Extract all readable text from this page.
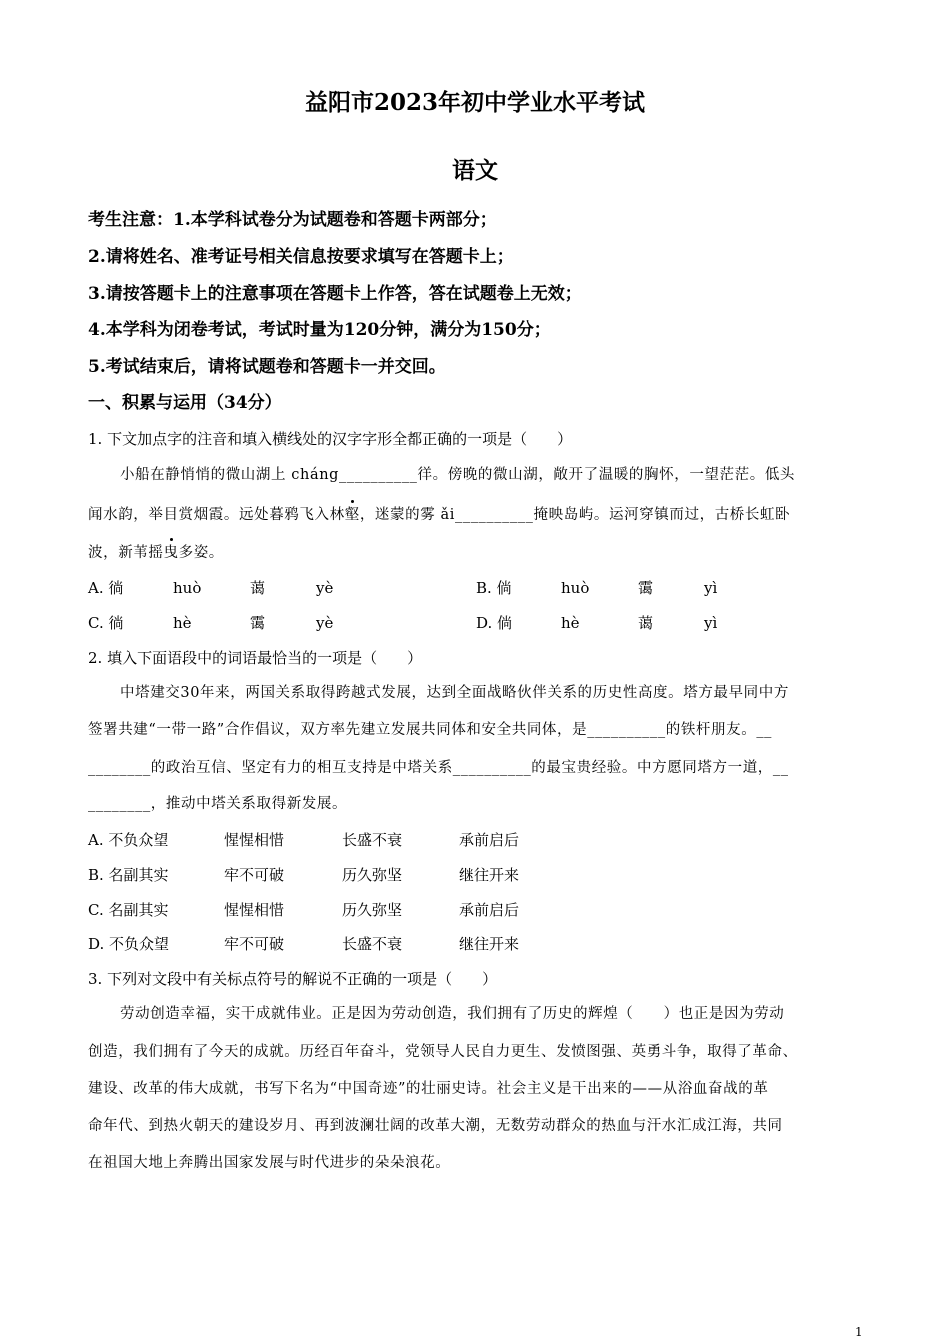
益阳市2023年初中学业水平考试
语文
考生注意：1.本学科试卷分为试题卷和答题卡两部分；
2.请将姓名、准考证号相关信息按要求填写在答题卡上；
3.请按答题卡上的注意事项在答题卡上作答，答在试题卷上无效；
4.本学科为闭卷考试，考试时量为120分钟，满分为150分；
5.考试结束后，请将试题卷和答题卡一并交回。
一、积累与运用（34分）
1. 下文加点字的注音和填入横线处的汉字字形全都正确的一项是（　　）
小船在静悄悄的微山湖上 cháng__________徉。傍晚的微山湖，敞开了温暖的胸怀，一望茫茫。低头
闻水韵，举目赏烟霞。远处暮鸦飞入林壑，迷蒙的雾 ǎi__________掩映岛屿。运河穿镇而过，古桥长虹卧
波，新苇摇曳多姿。
A. 徜	huò	蔼	yè	B. 倘	huò	霭	yì
C. 徜	hè	霭	yè	D. 倘	hè	蔼	yì
2. 填入下面语段中的词语最恰当的一项是（　　）
中塔建交30年来，两国关系取得跨越式发展，达到全面战略伙伴关系的历史性高度。塔方最早同中方
签署共建“一带一路”合作倡议，双方率先建立发展共同体和安全共同体，是__________的铁杆朋友。__
________的政治互信、坚定有力的相互支持是中塔关系__________的最宝贵经验。中方愿同塔方一道，__
________，推动中塔关系取得新发展。
A. 不负众望	惺惺相惜	长盛不衰	承前启后
B. 名副其实	牢不可破	历久弥坚	继往开来
C. 名副其实	惺惺相惜	历久弥坚	承前启后
D. 不负众望	牢不可破	长盛不衰	继往开来
3. 下列对文段中有关标点符号的解说不正确的一项是（　　）
劳动创造幸福，实干成就伟业。正是因为劳动创造，我们拥有了历史的辉煌（　　）也正是因为劳动
创造，我们拥有了今天的成就。历经百年奋斗，党领导人民自力更生、发愤图强、英勇斗争，取得了革命、
建设、改革的伟大成就，书写下名为“中国奇迹”的壮丽史诗。社会主义是干出来的——从浴血奋战的革
命年代、到热火朝天的建设岁月、再到波澜壮阔的改革大潮，无数劳动群众的热血与汗水汇成江海，共同
在祖国大地上奔腾出国家发展与时代进步的朵朵浪花。
1
